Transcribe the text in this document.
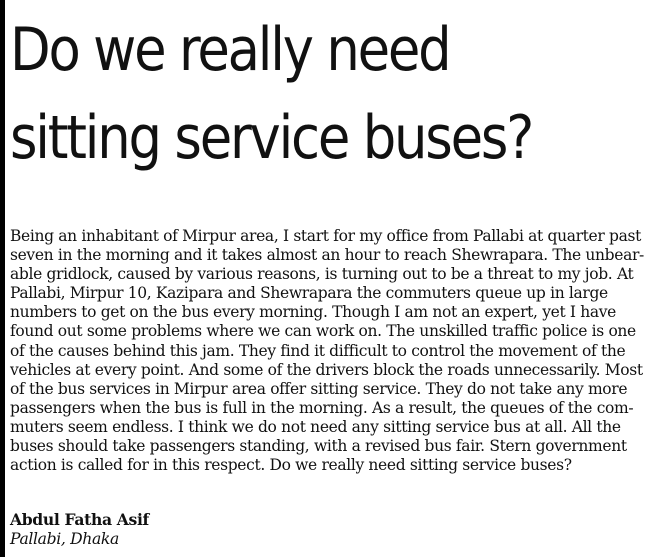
Do we really need
sitting service buses?
Being an inhabitant of Mirpur area, I start for my office from Pallabi at quarter past
seven in the morning and it takes almost an hour to reach Shewrapara. The unbear-
able gridlock, caused by various reasons, is turning out to be a threat to my job. At
Pallabi, Mirpur 10, Kazipara and Shewrapara the commuters queue up in large
numbers to get on the bus every morning. Though I am not an expert, yet I have
found out some problems where we can work on. The unskilled traffic police is one
of the causes behind this jam. They find it difficult to control the movement of the
vehicles at every point. And some of the drivers block the roads unnecessarily. Most
of the bus services in Mirpur area offer sitting service. They do not take any more
passengers when the bus is full in the morning. As a result, the queues of the com-
muters seem endless. I think we do not need any sitting service bus at all. All the
buses should take passengers standing, with a revised bus fair. Stern government
action is called for in this respect. Do we really need sitting service buses?
Abdul Fatha Asif
Pallabi, Dhaka
